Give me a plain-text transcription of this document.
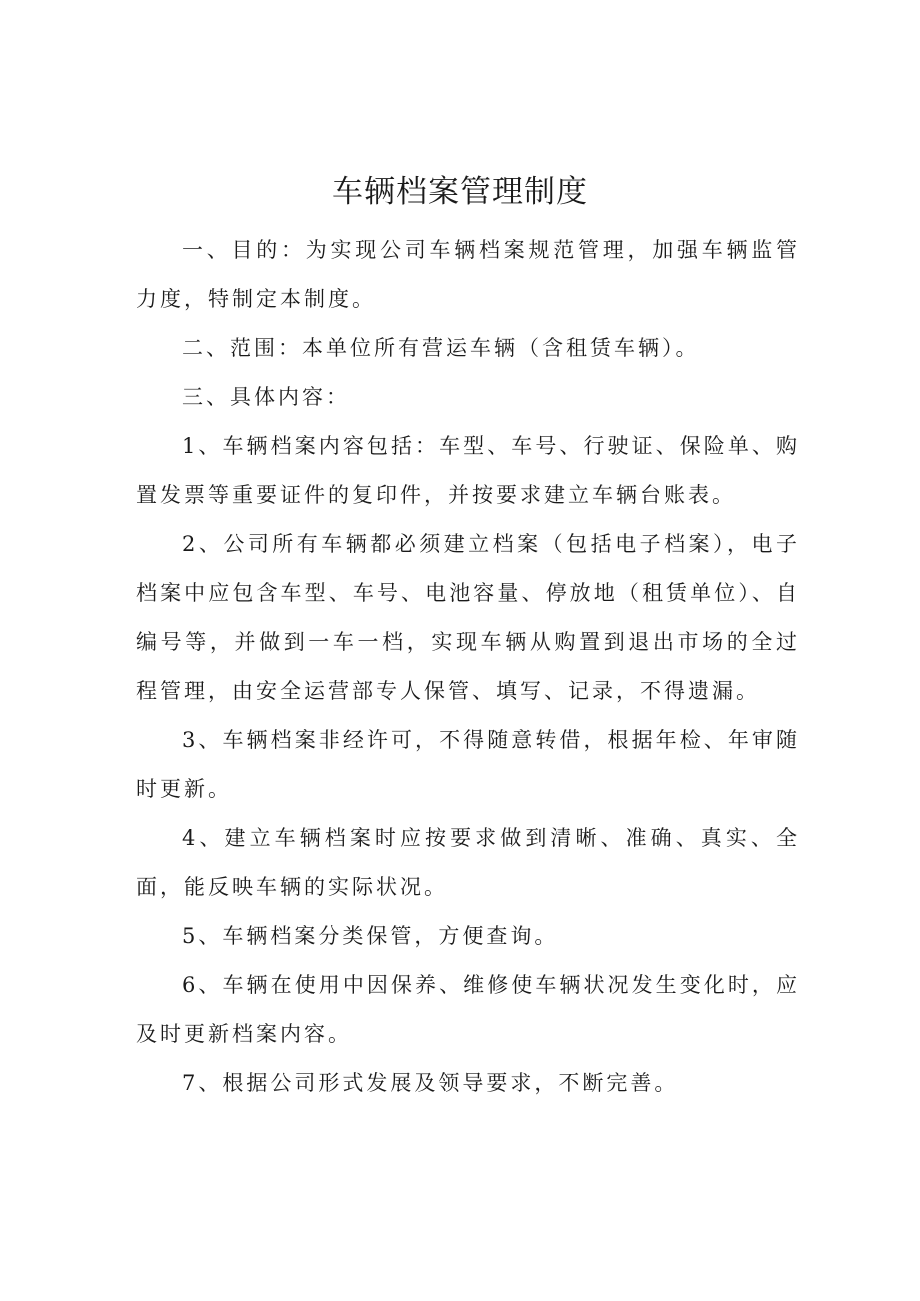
车辆档案管理制度

一、目的：为实现公司车辆档案规范管理，加强车辆监管力度，特制定本制度。

二、范围：本单位所有营运车辆（含租赁车辆）。

三、具体内容：

1、车辆档案内容包括：车型、车号、行驶证、保险单、购置发票等重要证件的复印件，并按要求建立车辆台账表。

2、公司所有车辆都必须建立档案（包括电子档案），电子档案中应包含车型、车号、电池容量、停放地（租赁单位）、自编号等，并做到一车一档，实现车辆从购置到退出市场的全过程管理，由安全运营部专人保管、填写、记录，不得遗漏。

3、车辆档案非经许可，不得随意转借，根据年检、年审随时更新。

4、建立车辆档案时应按要求做到清晰、准确、真实、全面，能反映车辆的实际状况。

5、车辆档案分类保管，方便查询。

6、车辆在使用中因保养、维修使车辆状况发生变化时，应及时更新档案内容。

7、根据公司形式发展及领导要求，不断完善。
